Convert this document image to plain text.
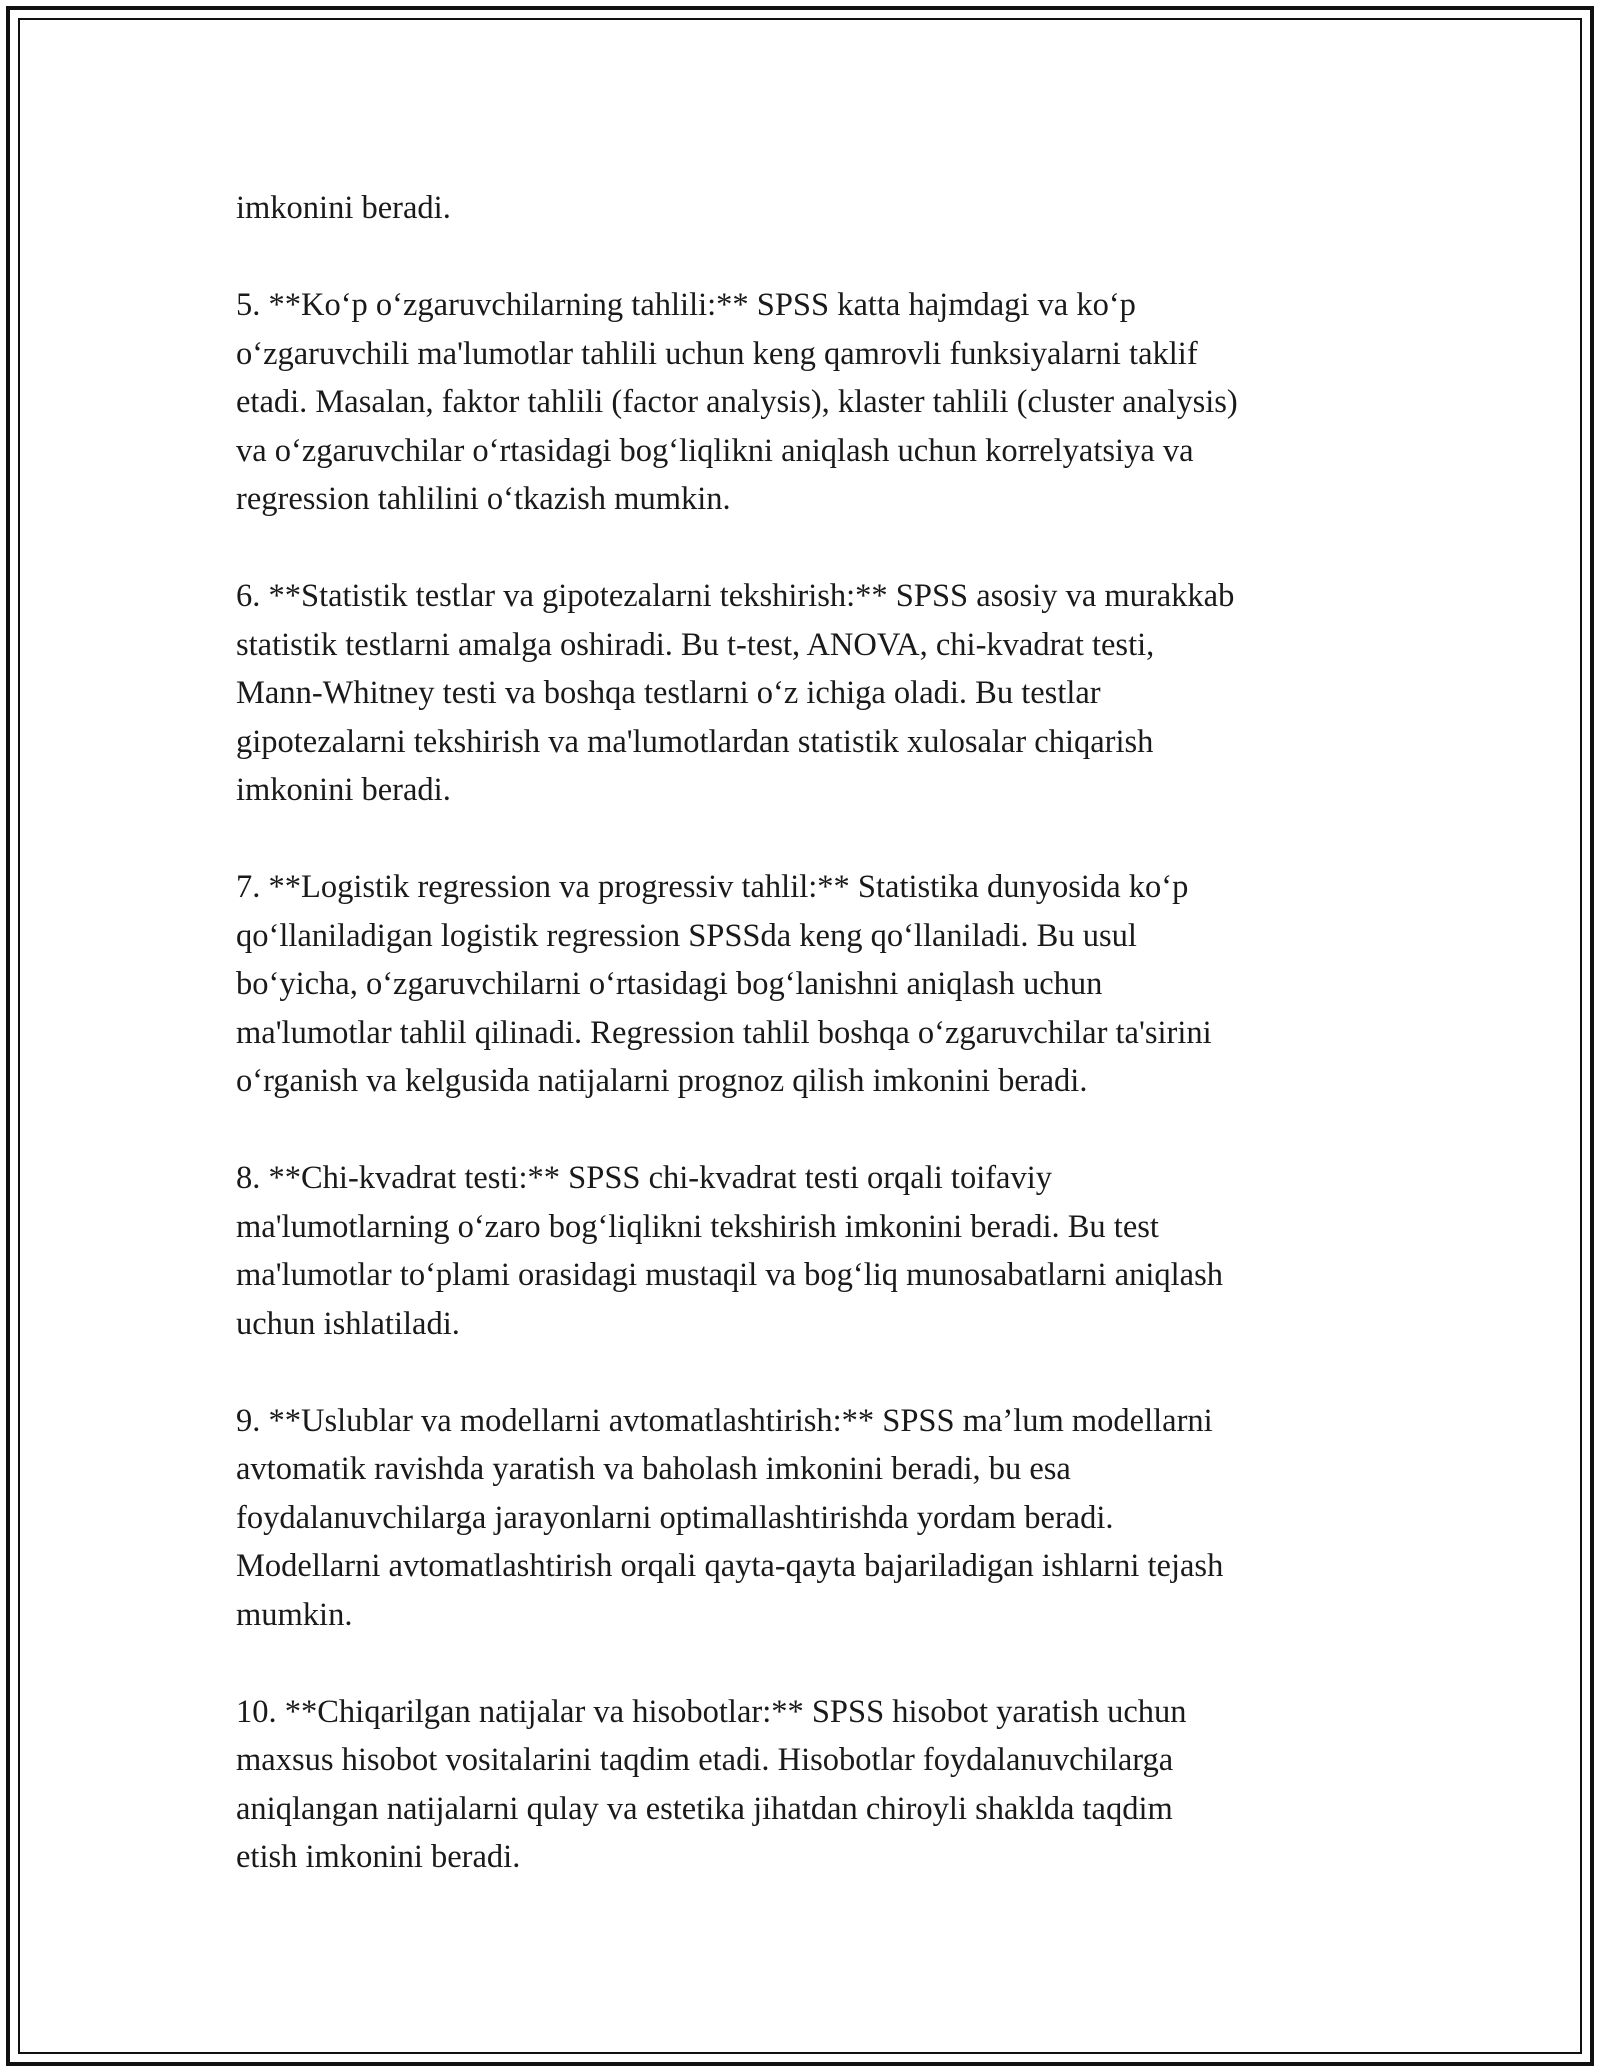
imkonini beradi.

5. **Ko‘p o‘zgaruvchilarning tahlili:** SPSS katta hajmdagi va ko‘p
o‘zgaruvchili ma'lumotlar tahlili uchun keng qamrovli funksiyalarni taklif
etadi. Masalan, faktor tahlili (factor analysis), klaster tahlili (cluster analysis)
va o‘zgaruvchilar o‘rtasidagi bog‘liqlikni aniqlash uchun korrelyatsiya va
regression tahlilini o‘tkazish mumkin.

6. **Statistik testlar va gipotezalarni tekshirish:** SPSS asosiy va murakkab
statistik testlarni amalga oshiradi. Bu t-test, ANOVA, chi-kvadrat testi,
Mann-Whitney testi va boshqa testlarni o‘z ichiga oladi. Bu testlar
gipotezalarni tekshirish va ma'lumotlardan statistik xulosalar chiqarish
imkonini beradi.

7. **Logistik regression va progressiv tahlil:** Statistika dunyosida ko‘p
qo‘llaniladigan logistik regression SPSSda keng qo‘llaniladi. Bu usul
bo‘yicha, o‘zgaruvchilarni o‘rtasidagi bog‘lanishni aniqlash uchun
ma'lumotlar tahlil qilinadi. Regression tahlil boshqa o‘zgaruvchilar ta'sirini
o‘rganish va kelgusida natijalarni prognoz qilish imkonini beradi.

8. **Chi-kvadrat testi:** SPSS chi-kvadrat testi orqali toifaviy
ma'lumotlarning o‘zaro bog‘liqlikni tekshirish imkonini beradi. Bu test
ma'lumotlar to‘plami orasidagi mustaqil va bog‘liq munosabatlarni aniqlash
uchun ishlatiladi.

9. **Uslublar va modellarni avtomatlashtirish:** SPSS ma’lum modellarni
avtomatik ravishda yaratish va baholash imkonini beradi, bu esa
foydalanuvchilarga jarayonlarni optimallashtirishda yordam beradi.
Modellarni avtomatlashtirish orqali qayta-qayta bajariladigan ishlarni tejash
mumkin.

10. **Chiqarilgan natijalar va hisobotlar:** SPSS hisobot yaratish uchun
maxsus hisobot vositalarini taqdim etadi. Hisobotlar foydalanuvchilarga
aniqlangan natijalarni qulay va estetika jihatdan chiroyli shaklda taqdim
etish imkonini beradi.
